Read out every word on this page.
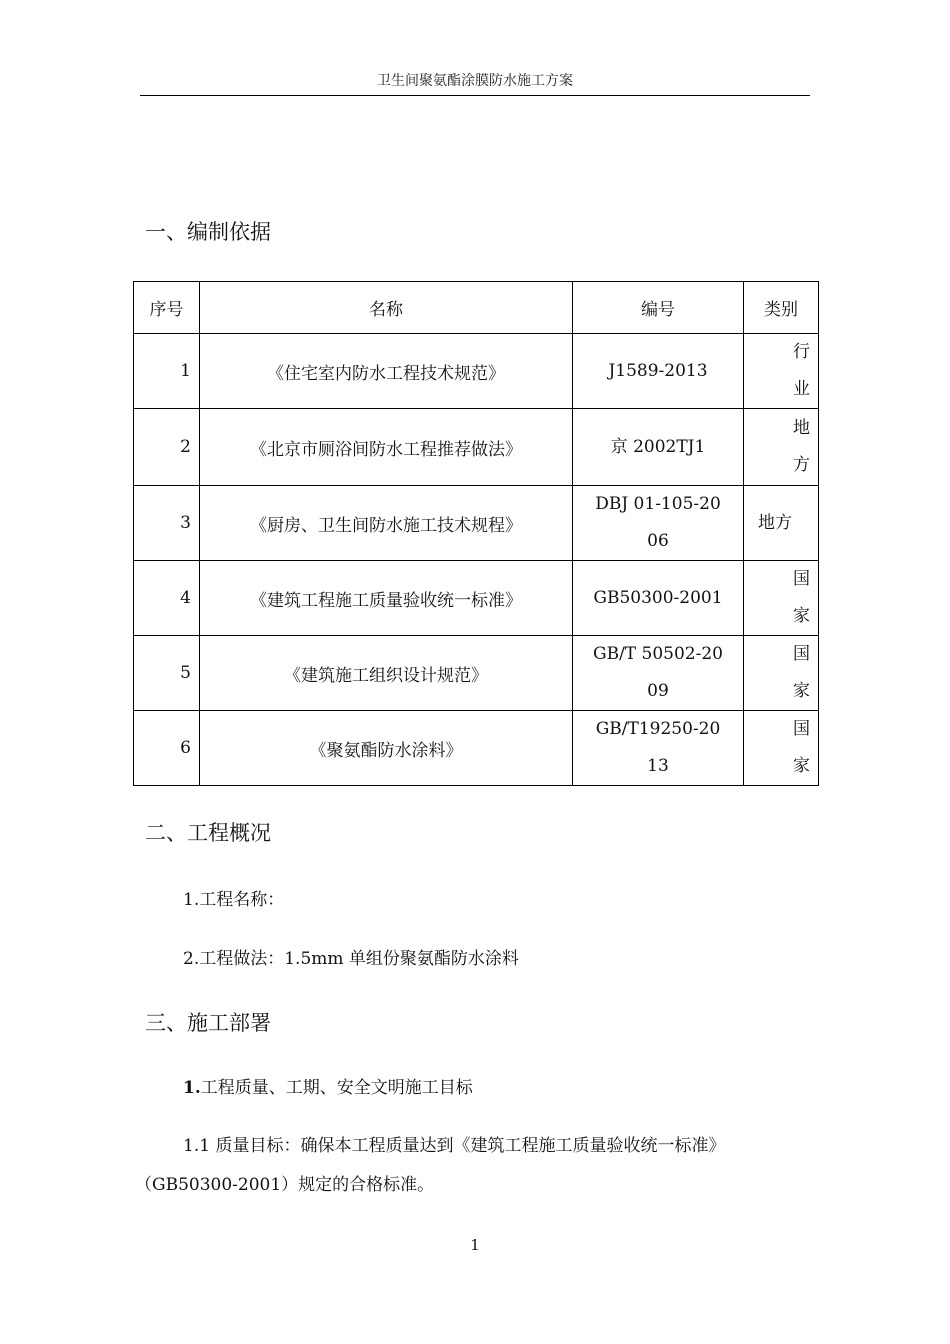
卫生间聚氨酯涂膜防水施工方案
一、编制依据
序号	名称	编号	类别
1	《住宅室内防水工程技术规范》	J1589-2013	行业
2	《北京市厕浴间防水工程推荐做法》	京 2002TJ1	地方
3	《厨房、卫生间防水施工技术规程》	DBJ 01-105-2006	地方
4	《建筑工程施工质量验收统一标准》	GB50300-2001	国家
5	《建筑施工组织设计规范》	GB/T 50502-2009	国家
6	《聚氨酯防水涂料》	GB/T19250-2013	国家
二、工程概况
1.工程名称：
2.工程做法：1.5mm 单组份聚氨酯防水涂料
三、施工部署
1.工程质量、工期、安全文明施工目标
1.1 质量目标：确保本工程质量达到《建筑工程施工质量验收统一标准》
（GB50300-2001）规定的合格标准。
1
